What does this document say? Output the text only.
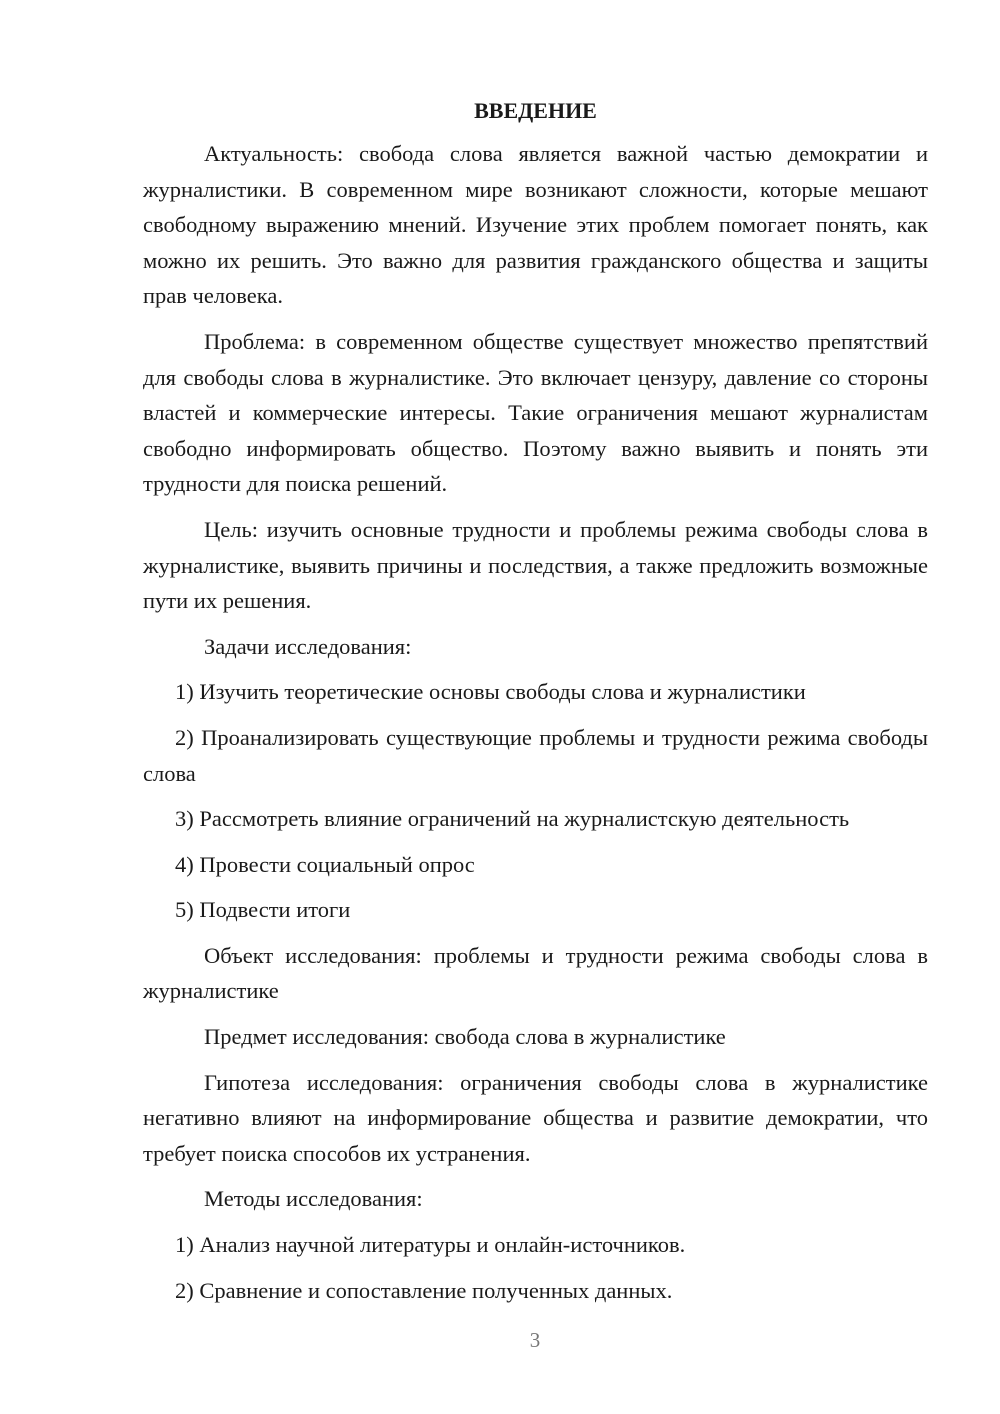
ВВЕДЕНИЕ

Актуальность: свобода слова является важной частью демократии и журналистики. В современном мире возникают сложности, которые мешают свободному выражению мнений. Изучение этих проблем помогает понять, как можно их решить. Это важно для развития гражданского общества и защиты прав человека.

Проблема: в современном обществе существует множество препятствий для свободы слова в журналистике. Это включает цензуру, давление со стороны властей и коммерческие интересы. Такие ограничения мешают журналистам свободно информировать общество. Поэтому важно выявить и понять эти трудности для поиска решений.

Цель: изучить основные трудности и проблемы режима свободы слова в журналистике, выявить причины и последствия, а также предложить возможные пути их решения.

Задачи исследования:

1) Изучить теоретические основы свободы слова и журналистики

2) Проанализировать существующие проблемы и трудности режима свободы слова

3) Рассмотреть влияние ограничений на журналистскую деятельность

4) Провести социальный опрос

5) Подвести итоги

Объект исследования: проблемы и трудности режима свободы слова в журналистике

Предмет исследования: свобода слова в журналистике

Гипотеза исследования: ограничения свободы слова в журналистике негативно влияют на информирование общества и развитие демократии, что требует поиска способов их устранения.

Методы исследования:

1) Анализ научной литературы и онлайн-источников.

2) Сравнение и сопоставление полученных данных.

3
